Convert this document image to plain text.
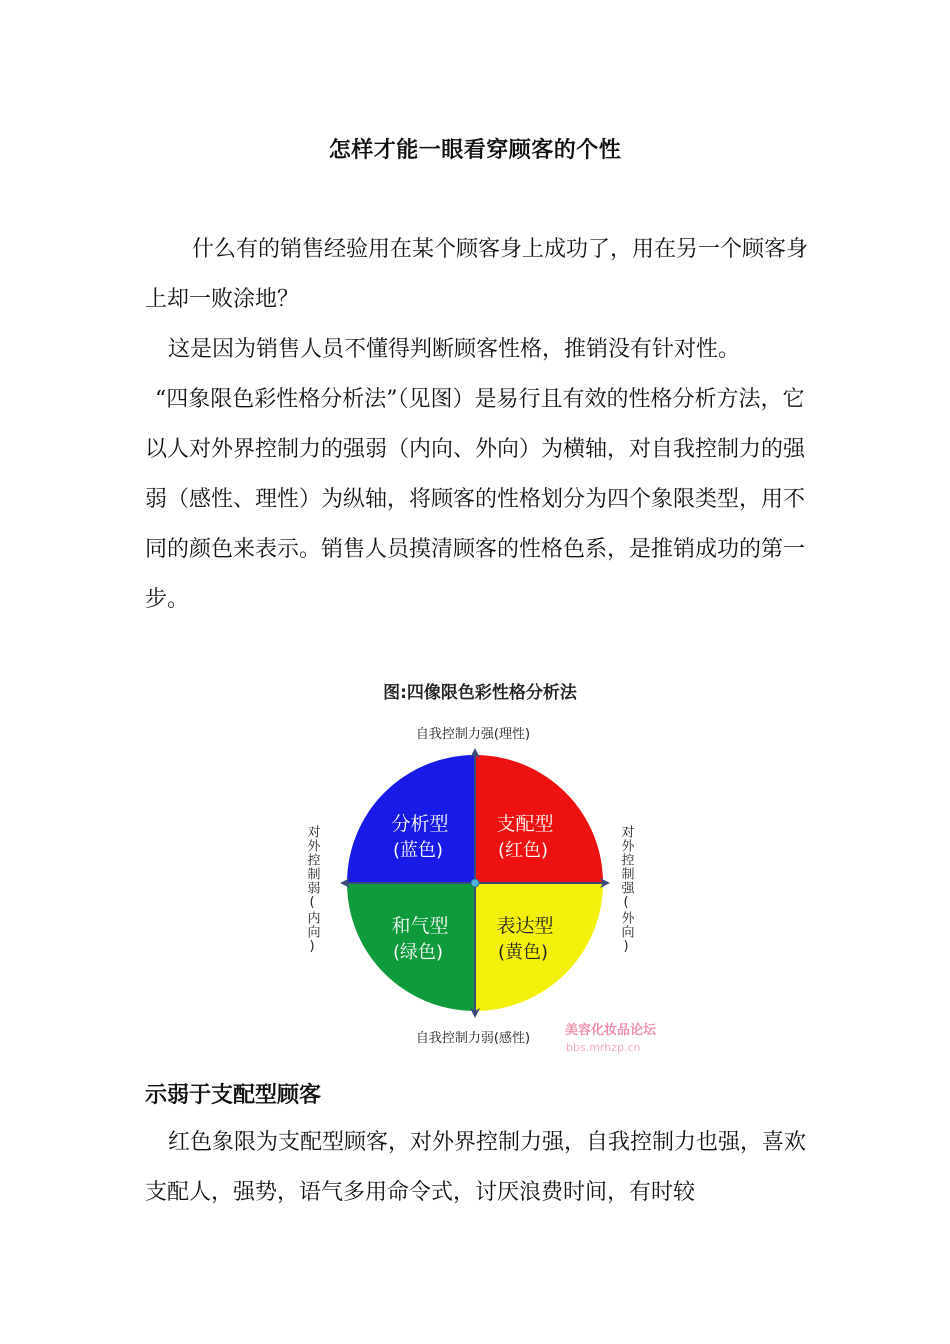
怎样才能一眼看穿顾客的个性

什么有的销售经验用在某个顾客身上成功了，用在另一个顾客身上却一败涂地？

这是因为销售人员不懂得判断顾客性格，推销没有针对性。

“四象限色彩性格分析法”（见图）是易行且有效的性格分析方法，它以人对外界控制力的强弱（内向、外向）为横轴，对自我控制力的强弱（感性、理性）为纵轴，将顾客的性格划分为四个象限类型，用不同的颜色来表示。销售人员摸清顾客的性格色系，是推销成功的第一步。

图:四像限色彩性格分析法
自我控制力强(理性)
自我控制力弱(感性)
分析型
(蓝色)
支配型
(红色)
和气型
(绿色)
表达型
(黄色)
对外控制弱(内向)	对外控制强(外向)
美容化妆品论坛
bbs.mrhzp.cn
示弱于支配型顾客

红色象限为支配型顾客，对外界控制力强，自我控制力也强，喜欢支配人，强势，语气多用命令式，讨厌浪费时间，有时较
